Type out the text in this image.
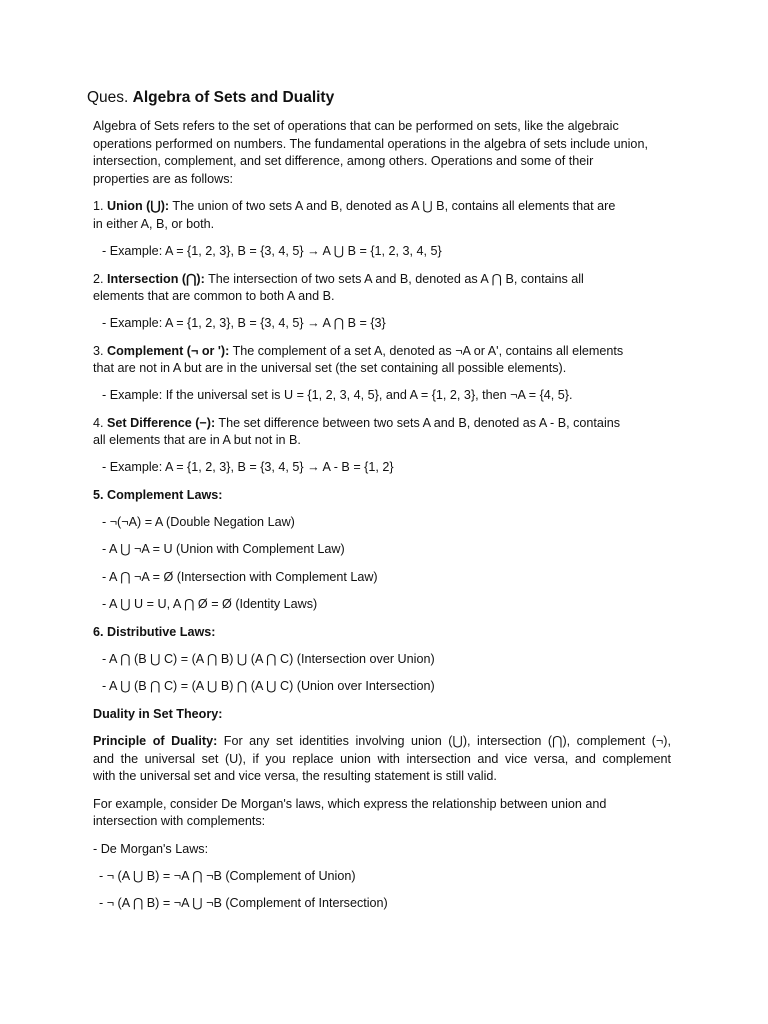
Ques. Algebra of Sets and Duality
Algebra of Sets refers to the set of operations that can be performed on sets, like the algebraic
operations performed on numbers. The fundamental operations in the algebra of sets include union,
intersection, complement, and set difference, among others. Operations and some of their
properties are as follows:
1. Union (⋃): The union of two sets A and B, denoted as A ⋃ B, contains all elements that are
in either A, B, or both.
- Example: A = {1, 2, 3}, B = {3, 4, 5} → A ⋃ B = {1, 2, 3, 4, 5}
2. Intersection (⋂): The intersection of two sets A and B, denoted as A ⋂ B, contains all
elements that are common to both A and B.
- Example: A = {1, 2, 3}, B = {3, 4, 5} → A ⋂ B = {3}
3. Complement (¬ or '): The complement of a set A, denoted as ¬A or A', contains all elements
that are not in A but are in the universal set (the set containing all possible elements).
- Example: If the universal set is U = {1, 2, 3, 4, 5}, and A = {1, 2, 3}, then ¬A = {4, 5}.
4. Set Difference (−): The set difference between two sets A and B, denoted as A - B, contains
all elements that are in A but not in B.
- Example: A = {1, 2, 3}, B = {3, 4, 5} → A - B = {1, 2}
5. Complement Laws:
- ¬(¬A) = A (Double Negation Law)
- A ⋃ ¬A = U (Union with Complement Law)
- A ⋂ ¬A = Ø (Intersection with Complement Law)
- A ⋃ U = U, A ⋂ Ø = Ø (Identity Laws)
6. Distributive Laws:
- A ⋂ (B ⋃ C) = (A ⋂ B) ⋃ (A ⋂ C) (Intersection over Union)
- A ⋃ (B ⋂ C) = (A ⋃ B) ⋂ (A ⋃ C) (Union over Intersection)
Duality in Set Theory:
Principle of Duality: For any set identities involving union (⋃), intersection (⋂), complement (¬),
and the universal set (U), if you replace union with intersection and vice versa, and complement
with the universal set and vice versa, the resulting statement is still valid.
For example, consider De Morgan's laws, which express the relationship between union and
intersection with complements:
- De Morgan's Laws:
- ¬ (A ⋃ B) = ¬A ⋂ ¬B (Complement of Union)
- ¬ (A ⋂ B) = ¬A ⋃ ¬B (Complement of Intersection)
